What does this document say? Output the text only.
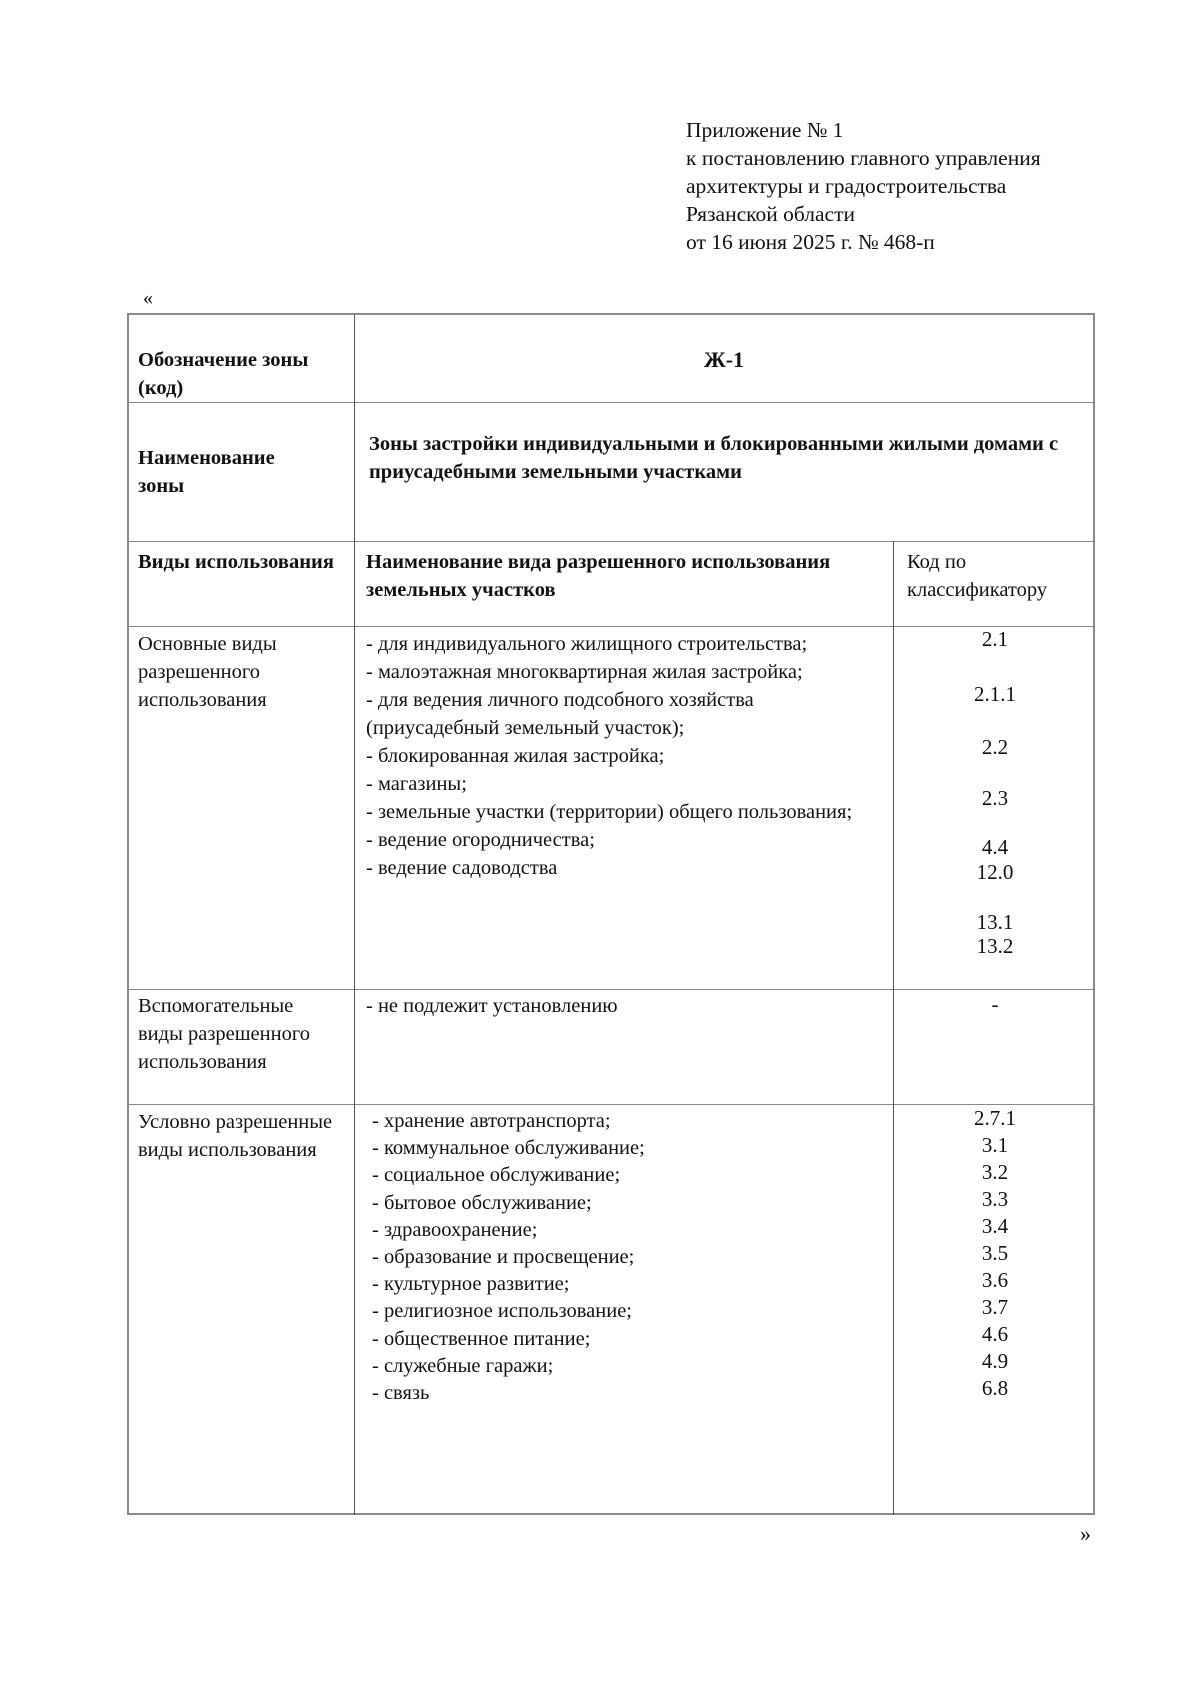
Приложение № 1
к постановлению главного управления
архитектуры и градостроительства
Рязанской области
от 16 июня 2025 г. № 468-п
«
Обозначение зоны (код)
Ж-1
Наименование зоны
Зоны застройки индивидуальными и блокированными жилыми домами с приусадебными земельными участками
Виды использования	Наименование вида разрешенного использования земельных участков
Код по классификатору
Основные виды разрешенного использования
- для индивидуального жилищного строительства;
- малоэтажная многоквартирная жилая застройка;
- для ведения личного подсобного хозяйства (приусадебный земельный участок);
- блокированная жилая застройка;
- магазины;
- земельные участки (территории) общего пользования;
- ведение огородничества;
- ведение садоводства
2.1
2.1.1
2.2
2.3
4.4
12.0
13.1
13.2
Вспомогательные виды разрешенного использования
- не подлежит установлению	-
Условно разрешенные виды использования
- хранение автотранспорта;
- коммунальное обслуживание;
- социальное обслуживание;
- бытовое обслуживание;
- здравоохранение;
- образование и просвещение;
- культурное развитие;
- религиозное использование;
- общественное питание;
- служебные гаражи;
- связь
2.7.1
3.1
3.2
3.3
3.4
3.5
3.6
3.7
4.6
4.9
6.8
»
